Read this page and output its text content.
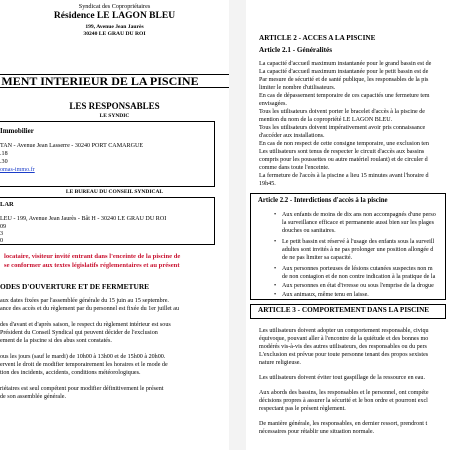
Syndicat des Copropriétaires
Résidence LE LAGON BLEU
199, Avenue Jean Jaurès
30240 LE GRAU DU ROI
MENT INTERIEUR DE LA PISCINE
LES RESPONSABLES
LE SYNDIC
Immobilier
TAN - Avenue Jean Lasserre - 30240 PORT CAMARGUE
.18
.30
omas-immo.fr
LE BUREAU DU CONSEIL SYNDICAL
LAR
LEU - 199, Avenue Jean Jaurès - Bât H - 30240 LE GRAU DU ROI
09
3
0
locataire, visiteur invité entrant dans l'enceinte de la piscine de
se conformer aux textes législatifs réglementaires et au présent
ODES D'OUVERTURE ET DE FERMETURE
aux dates fixées par l'assemblée générale du 15 juin au 15 septembre.
ance des accès et du règlement par du personnel est fixée du 1er juillet au
des d'avant et d'après saison, le respect du règlement intérieur est sous
Président du Conseil Syndical qui peuvent décider de l'exclusion
ement de la piscine si des abus sont constatés.
ous les jours (sauf le mardi) de 10h00 à 13h00 et de 15h00 à 20h00.
ervent le droit de modifier temporairement les horaires et le mode de
tion des incidents, accidents, conditions météorologiques.
riétaires est seul compétent pour modifier définitivement le présent
de son assemblée générale.
ARTICLE 2 - ACCES A LA PISCINE
Article 2.1 - Généralités
La capacité d'accueil maximum instantanée pour le grand bassin est de
La capacité d'accueil maximum instantanée pour le petit bassin est de
Par mesure de sécurité et de santé publique, les responsables de la pis
limiter le nombre d'utilisateurs.
En cas de dépassement temporaire de ces capacités une fermeture tem
envisagées.
Tous les utilisateurs doivent porter le bracelet d'accès à la piscine de
mention du nom de la copropriété LE LAGON BLEU.
Tous les utilisateurs doivent impérativement avoir pris connaissance
d'accéder aux installations.
En cas de non respect de cette consigne temporaire, une exclusion ten
Les utilisateurs sont tenus de respecter le circuit d'accès aux bassins
compris pour les poussettes ou autre matériel roulant) et de circuler d
comme dans toute l'enceinte.
La fermeture de l'accès à la piscine a lieu 15 minutes avant l'horaire d
19h45.
Article 2.2 - Interdictions d'accès à la piscine
• Aux enfants de moins de dix ans non accompagnés d'une perso
la surveillance efficace et permanente aussi bien sur les plages
douches ou sanitaires.
• Le petit bassin est réservé à l'usage des enfants sous la surveill
adultes sont invités à ne pas prolonger une position allongée d
de ne pas limiter sa capacité.
• Aux personnes porteuses de lésions cutanées suspectes non m
de non contagion et de non contre indication à la pratique de la
• Aux personnes en état d'ivresse ou sous l'emprise de la drogue
• Aux animaux, même tenu en laisse.
ARTICLE 3 - COMPORTEMENT DANS LA PISCINE
Les utilisateurs doivent adopter un comportement responsable, civiqu
équivoque, pouvant aller à l'encontre de la quiétude et des bonnes mo
modérés vis-à-vis des autres utilisateurs, des responsables ou du pers
L'exclusion est prévue pour toute personne tenant des propos sexistes
nature religieuse.
Les utilisateurs doivent éviter tout gaspillage de la ressource en eau.
Aux abords des bassins, les responsables et le personnel, ont compéte
décisions propres à assurer la sécurité et le bon ordre et pourront excl
respectant pas le présent règlement.
De manière générale, les responsables, en dernier ressort, prendront t
nécessaires pour rétablir une situation normale.
